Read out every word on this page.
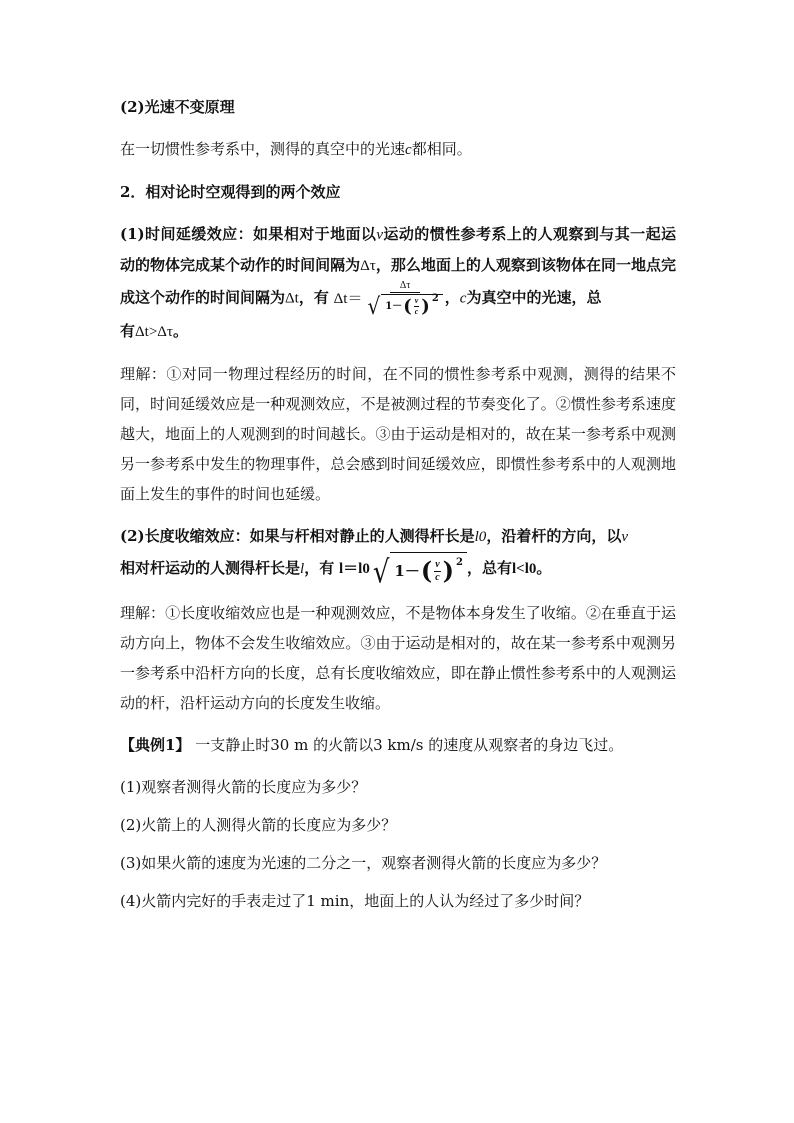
(2)光速不变原理

在一切惯性参考系中，测得的真空中的光速c都相同。

2．相对论时空观得到的两个效应

(1)时间延缓效应：如果相对于地面以v运动的惯性参考系上的人观察到与其一起运动的物体完成某个动作的时间间隔为Δτ，那么地面上的人观察到该物体在同一地点完成这个动作的时间间隔为Δt，有 Δt＝
Δτ
√ 1－ ( $\frac{v}{c}$ ) 2 ，c为真空中的光速，总
有Δt>Δτ。

理解：①对同一物理过程经历的时间，在不同的惯性参考系中观测，测得的结果不同，时间延缓效应是一种观测效应，不是被测过程的节奏变化了。②惯性参考系速度越大，地面上的人观测到的时间越长。③由于运动是相对的，故在某一参考系中观测另一参考系中发生的物理事件，总会感到时间延缓效应，即惯性参考系中的人观测地面上发生的事件的时间也延缓。

(2)长度收缩效应：如果与杆相对静止的人测得杆长是l0，沿着杆的方向，以v
相对杆运动的人测得杆长是l，有 l＝l0 √ 1－ ( $\frac{v}{c}$ ) 2 ，总有l<l0。

理解：①长度收缩效应也是一种观测效应，不是物体本身发生了收缩。②在垂直于运动方向上，物体不会发生收缩效应。③由于运动是相对的，故在某一参考系中观测另一参考系中沿杆方向的长度，总有长度收缩效应，即在静止惯性参考系中的人观测运动的杆，沿杆运动方向的长度发生收缩。

【典例1】 一支静止时30 m 的火箭以3 km/s 的速度从观察者的身边飞过。

(1)观察者测得火箭的长度应为多少？

(2)火箭上的人测得火箭的长度应为多少？

(3)如果火箭的速度为光速的二分之一，观察者测得火箭的长度应为多少？

(4)火箭内完好的手表走过了1 min，地面上的人认为经过了多少时间？
